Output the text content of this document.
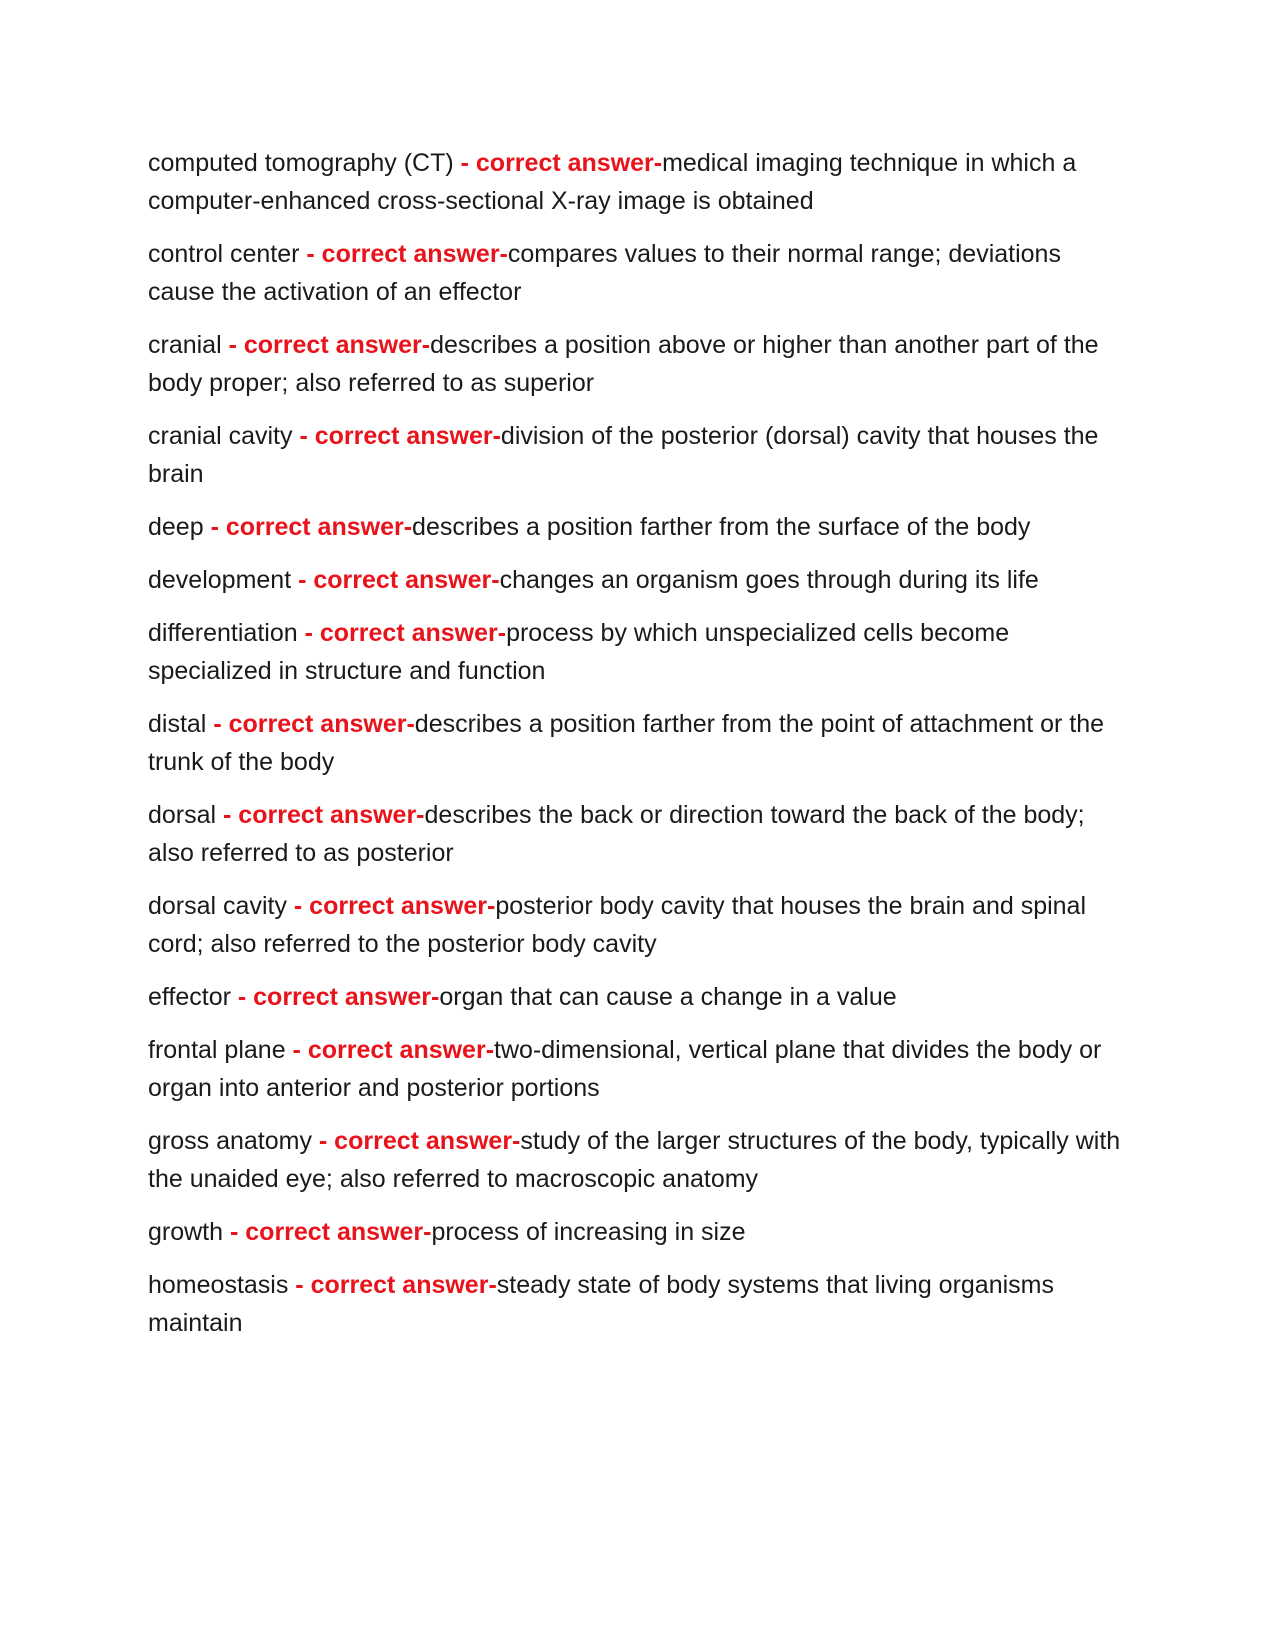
computed tomography (CT) - correct answer-medical imaging technique in which a computer-enhanced cross-sectional X-ray image is obtained

control center - correct answer-compares values to their normal range; deviations cause the activation of an effector

cranial - correct answer-describes a position above or higher than another part of the body proper; also referred to as superior

cranial cavity - correct answer-division of the posterior (dorsal) cavity that houses the brain

deep - correct answer-describes a position farther from the surface of the body

development - correct answer-changes an organism goes through during its life

differentiation - correct answer-process by which unspecialized cells become specialized in structure and function

distal - correct answer-describes a position farther from the point of attachment or the trunk of the body

dorsal - correct answer-describes the back or direction toward the back of the body; also referred to as posterior

dorsal cavity - correct answer-posterior body cavity that houses the brain and spinal cord; also referred to the posterior body cavity

effector - correct answer-organ that can cause a change in a value

frontal plane - correct answer-two-dimensional, vertical plane that divides the body or organ into anterior and posterior portions

gross anatomy - correct answer-study of the larger structures of the body, typically with the unaided eye; also referred to macroscopic anatomy

growth - correct answer-process of increasing in size

homeostasis - correct answer-steady state of body systems that living organisms maintain
